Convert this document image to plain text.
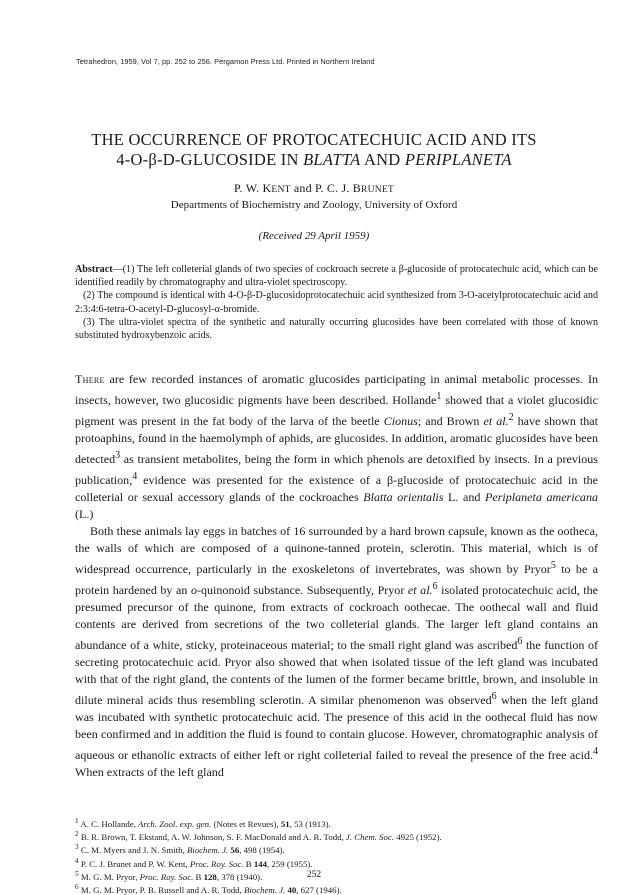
Tetrahedron, 1959, Vol 7, pp. 252 to 256. Pergamon Press Ltd. Printed in Northern Ireland
THE OCCURRENCE OF PROTOCATECHUIC ACID AND ITS
4-O-β-D-GLUCOSIDE IN BLATTA AND PERIPLANETA
P. W. KENT and P. C. J. BRUNET
Departments of Biochemistry and Zoology, University of Oxford
(Received 29 April 1959)

Abstract—(1) The left colleterial glands of two species of cockroach secrete a β-glucoside of protocatechuic acid, which can be identified readily by chromatography and ultra-violet spectroscopy.

(2) The compound is identical with 4-O-β-D-glucosidoprotocatechuic acid synthesized from 3-O-acetylprotocatechuic acid and 2:3:4:6-tetra-O-acetyl-D-glucosyl-α-bromide.

(3) The ultra-violet spectra of the synthetic and naturally occurring glucosides have been correlated with those of known substituted hydroxybenzoic acids.

There are few recorded instances of aromatic glucosides participating in animal metabolic processes. In insects, however, two glucosidic pigments have been described. Hollande$^1$ showed that a violet glucosidic pigment was present in the fat body of the larva of the beetle Cionus; and Brown et al.$^2$ have shown that protoaphins, found in the haemolymph of aphids, are glucosides. In addition, aromatic glucosides have been detected$^3$ as transient metabolites, being the form in which phenols are detoxified by insects. In a previous publication,$^4$ evidence was presented for the existence of a β-glucoside of protocatechuic acid in the colleterial or sexual accessory glands of the cockroaches Blatta orientalis L. and Periplaneta americana (L.)

Both these animals lay eggs in batches of 16 surrounded by a hard brown capsule, known as the ootheca, the walls of which are composed of a quinone-tanned protein, sclerotin. This material, which is of widespread occurrence, particularly in the exoskeletons of invertebrates, was shown by Pryor$^5$ to be a protein hardened by an o-quinonoid substance. Subsequently, Pryor et al.$^6$ isolated protocatechuic acid, the presumed precursor of the quinone, from extracts of cockroach oothecae. The oothecal wall and fluid contents are derived from secretions of the two colleterial glands. The larger left gland contains an abundance of a white, sticky, proteinaceous material; to the small right gland was ascribed$^6$ the function of secreting protocatechuic acid. Pryor also showed that when isolated tissue of the left gland was incubated with that of the right gland, the contents of the lumen of the former became brittle, brown, and insoluble in dilute mineral acids thus resembling sclerotin. A similar phenomenon was observed$^6$ when the left gland was incubated with synthetic protocatechuic acid. The presence of this acid in the oothecal fluid has now been confirmed and in addition the fluid is found to contain glucose. However, chromatographic analysis of aqueous or ethanolic extracts of either left or right colleterial failed to reveal the presence of the free acid.$^4$ When extracts of the left gland

$^1$ A. C. Hollande, Arch. Zool. exp. gen. (Notes et Revues), 51, 53 (1913).
$^2$ B. R. Brown, T. Ekstand, A. W. Johnson, S. F. MacDonald and A. R. Todd, J. Chem. Soc. 4925 (1952).
$^3$ C. M. Myers and J. N. Smith, Biochem. J. 56, 498 (1954).
$^4$ P. C. J. Brunet and P. W. Kent, Proc. Roy. Soc. B 144, 259 (1955).
$^5$ M. G. M. Pryor, Proc. Roy. Soc. B 128, 378 (1940).
$^6$ M. G. M. Pryor, P. B. Russell and A. R. Todd, Biochem. J. 40, 627 (1946).
252
